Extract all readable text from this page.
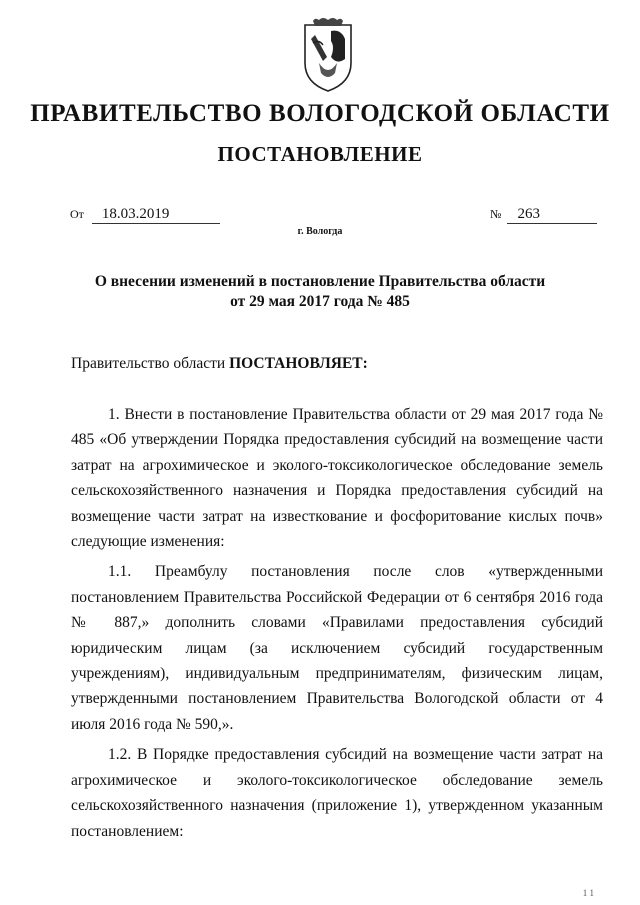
ПРАВИТЕЛЬСТВО ВОЛОГОДСКОЙ ОБЛАСТИ
ПОСТАНОВЛЕНИЕ
От 18.03.2019	№ 263
г. Вологда
О внесении изменений в постановление Правительства области
от 29 мая 2017 года № 485
Правительство области ПОСТАНОВЛЯЕТ:

1. Внести в постановление Правительства области от 29 мая 2017 года № 485 «Об утверждении Порядка предоставления субсидий на возмещение части затрат на агрохимическое и эколого-токсикологическое обследование земель сельскохозяйственного назначения и Порядка предоставления субсидий на возмещение части затрат на известкование и фосфоритование кислых почв» следующие изменения:

1.1. Преамбулу постановления после слов «утвержденными постановлением Правительства Российской Федерации от 6 сентября 2016 года № 887,» дополнить словами «Правилами предоставления субсидий юридическим лицам (за исключением субсидий государственным учреждениям), индивидуальным предпринимателям, физическим лицам, утвержденными постановлением Правительства Вологодской области от 4 июля 2016 года № 590,».

1.2. В Порядке предоставления субсидий на возмещение части затрат на агрохимическое и эколого-токсикологическое обследование земель сельскохозяйственного назначения (приложение 1), утвержденном указанным постановлением:

1 1
